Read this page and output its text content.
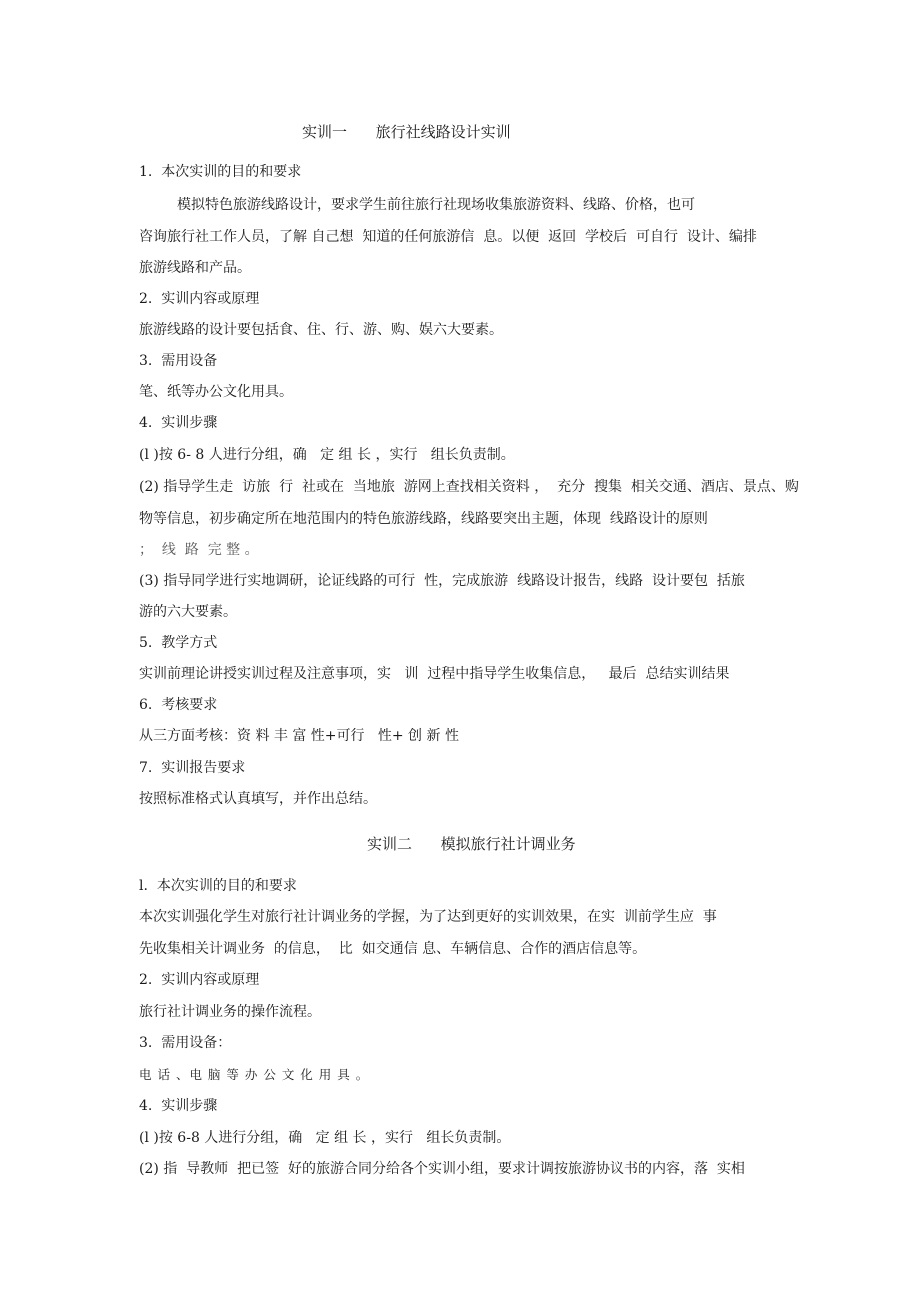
实训一      旅行社线路设计实训
1.  本次实训的目的和要求
模拟特色旅游线路设计，要求学生前往旅行社现场收集旅游资料、线路、价格，也可
咨询旅行社工作人员，了解 自己想  知道的任何旅游信  息。以便  返回  学校后  可自行  设计、编排
旅游线路和产品。
2.  实训内容或原理
旅游线路的设计要包括食、住、行、游、购、娱六大要素。
3.  需用设备
笔、纸等办公文化用具。
4.  实训步骤
(l )按 6- 8 人进行分组，确   定 组 长 ，实行   组长负责制。
(2) 指导学生走  访旅  行  社或在  当地旅  游网上查找相关资料 ，  充分  搜集  相关交通、酒店、景点、购
物等信息，初步确定所在地范围内的特色旅游线路，线路要突出主题，体现  线路设计的原则
；  线  路  完 整 。
(3) 指导同学进行实地调研，论证线路的可行  性，完成旅游  线路设计报告，线路  设计要包  括旅
游的六大要素。
5.  教学方式
实训前理论讲授实训过程及注意事项，实   训  过程中指导学生收集信息，   最后  总结实训结果
6.  考核要求
从三方面考核：资 料 丰 富 性+可行   性+ 创 新 性
7.  实训报告要求
按照标准格式认真填写，并作出总结。
实训二      模拟旅行社计调业务
l.  本次实训的目的和要求
本次实训强化学生对旅行社计调业务的学握，为了达到更好的实训效果，在实  训前学生应  事
先收集相关计调业务  的信息，  比  如交通信 息、车辆信息、合作的酒店信息等。
2.  实训内容或原理
旅行社计调业务的操作流程。
3.  需用设备：
电 话 、电 脑 等 办 公 文 化 用 具 。
4.  实训步骤
(l )按 6-8 人进行分组，确   定 组 长 ，实行   组长负责制。
(2) 指  导教师  把已签  好的旅游合同分给各个实训小组，要求计调按旅游协议书的内容，落  实相
